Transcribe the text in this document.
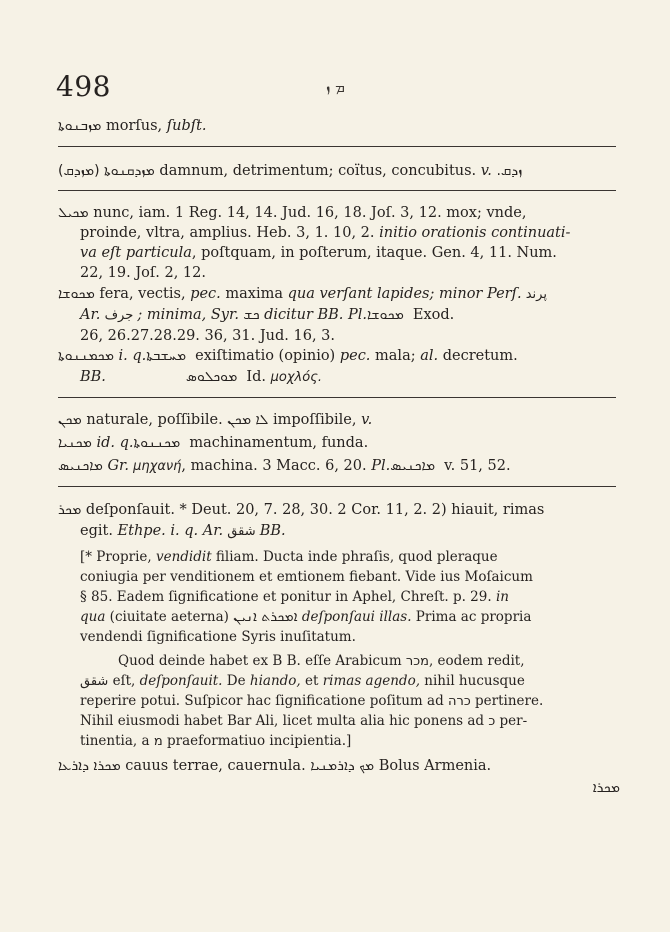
498	ܡ ܙ
ܡܙܒܢܘܬܐ morſus, ſubſt.
ܡܙܕܩܢܘܬܐ (ܡܙܕܩ) damnum, detrimentum; coïtus, concubitus. v. ܙܕܩ.
ܡܟܝܠ nunc, iam. 1 Reg. 14, 14. Jud. 16, 18. Joſ. 3, 12. mox; vnde,
proinde, vltra, amplius. Heb. 3, 1. 10, 2. initio orationis continuati-
va eſt particula, poſtquam, in poſterum, itaque. Gen. 4, 11. Num.
22, 19. Joſ. 2, 12.
ܡܟܘܫܐ fera, vectis, pec. maxima qua verſant lapides; minor Perſ. پرند
Ar. جرف ; minima, Syr. ܟܫ dicitur BB. Pl. ܡܟܘܫܐ Exod.
26, 26.27.28.29. 36, 31. Jud. 16, 3.
ܡܟܡܢܢܘܬܐ i. q. ܡܚܫܒܬܐ exiſtimatio (opinio) pec. mala; al. decretum.
BB.	ܡܘܟܠܘܣ Id. μοχλός.
ܡܟܢ naturale, poſſibile. ܠܐ ܡܟܢ impoſſibile, v.
ܡܟܢܝܐ id. q. ܡܟܢܢܘܬܐ machinamentum, funda.
ܡܐܟܢܝܣ Gr. μηχανή, machina. 3 Macc. 6, 20. Pl. ܡܐܟܢܝܣ v. 51, 52.
ܡܟܪ deſponſauit. * Deut. 20, 7. 28, 30. 2 Cor. 11, 2. 2) hiauit, rimas
egit. Ethpe. i. q. Ar. شقق BB.
[* Proprie, vendidit filiam. Ducta inde phraſis, quod pleraque
coniugia per venditionem et emtionem fiebant. Vide ius Moſaicum
§ 85. Eadem ſignificatione et ponitur in Aphel, Chreſt. p. 29. in
qua (ciuitate aeterna) ܐܡܟܪܬ ܐܢܝܢ deſponſaui illas. Prima ac propria
vendendi ſignificatione Syris inuſitatum.
Quod deinde habet ex B B. eſſe Arabicum מכר, eodem redit,
شقق eſt, deſponſauit. De hiando, et rimas agendo, nihil hucusque
reperire potui. Suſpicor hac ſignificatione poſitum ad כרה pertinere.
Nihil eiusmodi habet Bar Ali, licet multa alia hic ponens ad כ per-
tinentia, a מ praeformatiuo incipientia.]
ܡܟܪܐ ܕܐܪܥܐ cauus terrae, cauernula. ܡܟ ܕܐܪܡܢܝܐ Bolus Armenia.
ܡܟܪܐ
